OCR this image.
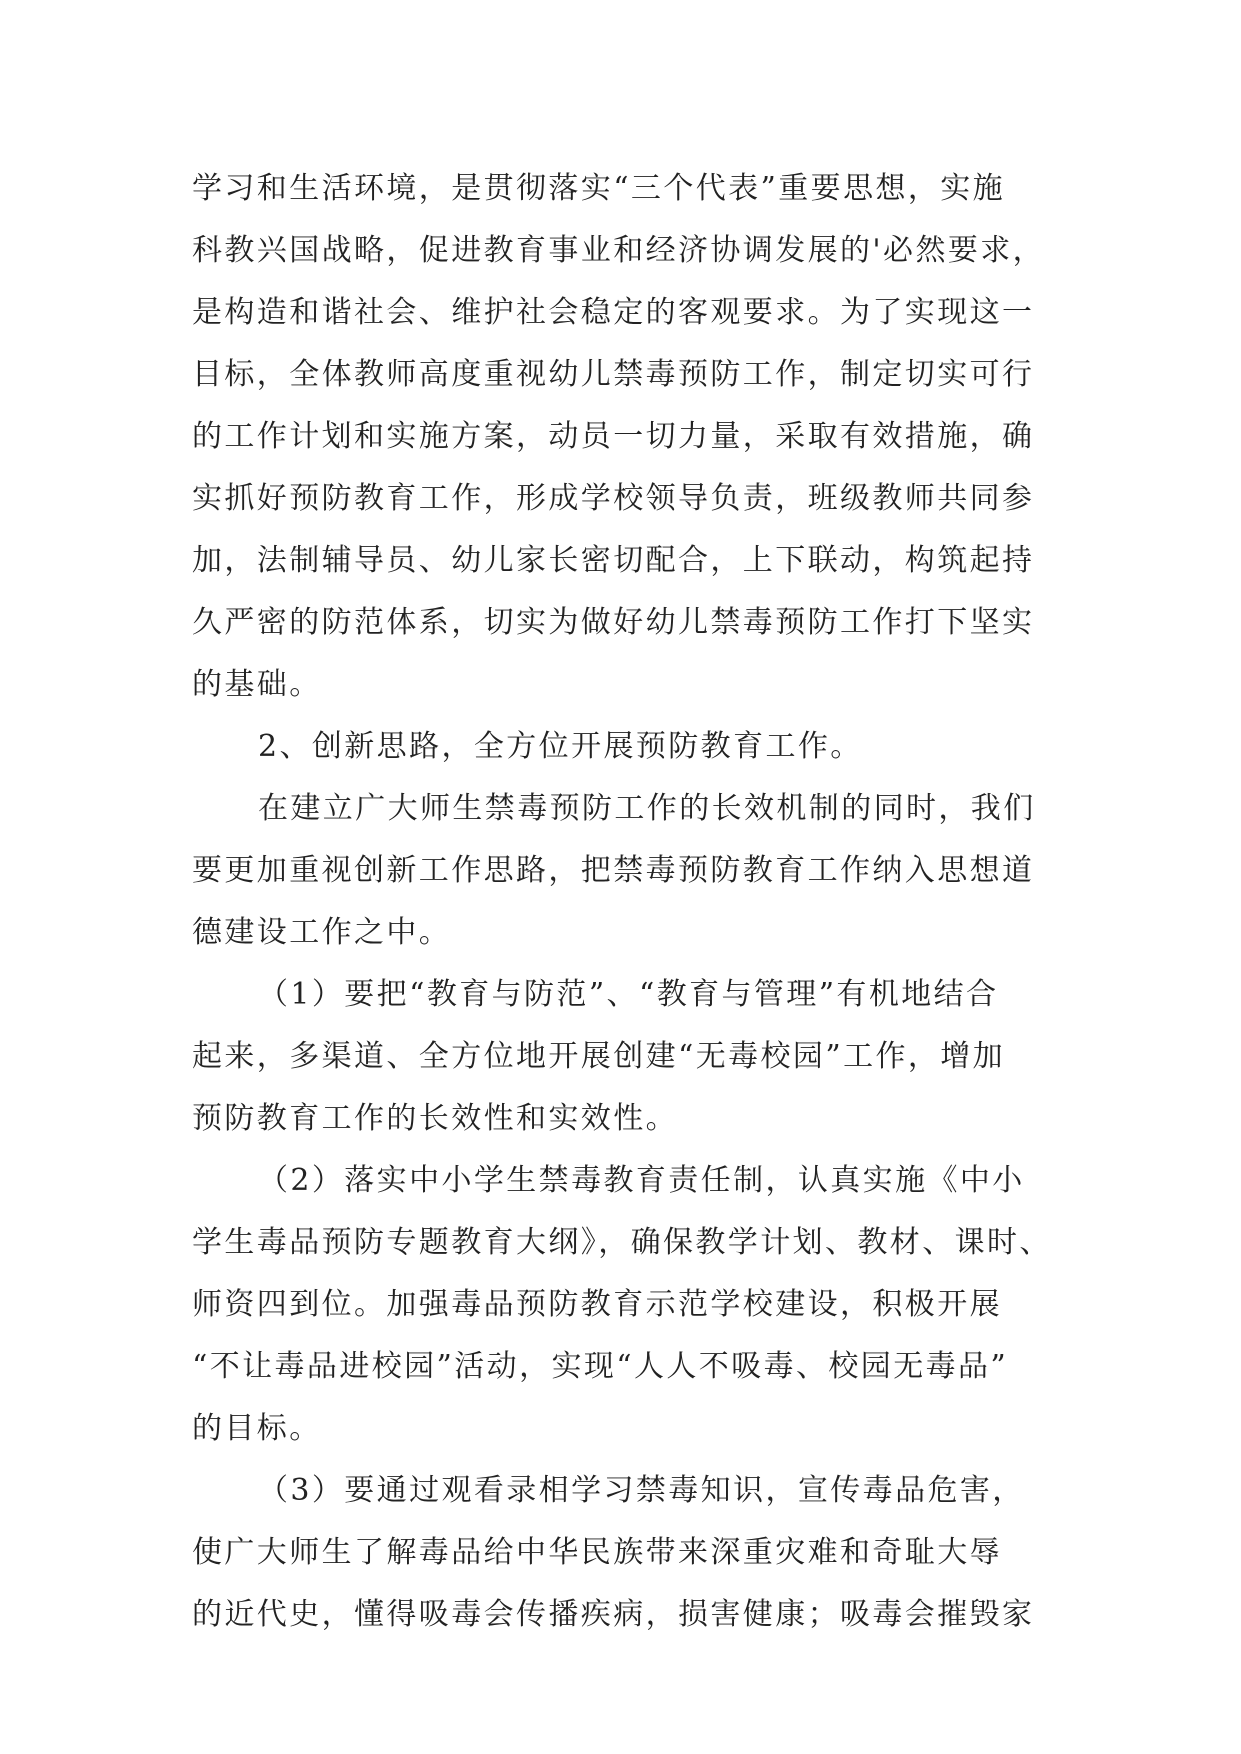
学习和生活环境，是贯彻落实“三个代表”重要思想，实施
科教兴国战略，促进教育事业和经济协调发展的'必然要求，
是构造和谐社会、维护社会稳定的客观要求。为了实现这一
目标，全体教师高度重视幼儿禁毒预防工作，制定切实可行
的工作计划和实施方案，动员一切力量，采取有效措施，确
实抓好预防教育工作，形成学校领导负责，班级教师共同参
加，法制辅导员、幼儿家长密切配合，上下联动，构筑起持
久严密的防范体系，切实为做好幼儿禁毒预防工作打下坚实
的基础。
2、创新思路，全方位开展预防教育工作。
在建立广大师生禁毒预防工作的长效机制的同时，我们
要更加重视创新工作思路，把禁毒预防教育工作纳入思想道
德建设工作之中。
（1）要把“教育与防范”、“教育与管理”有机地结合
起来，多渠道、全方位地开展创建“无毒校园”工作，增加
预防教育工作的长效性和实效性。
（2）落实中小学生禁毒教育责任制，认真实施《中小
学生毒品预防专题教育大纲》，确保教学计划、教材、课时、
师资四到位。加强毒品预防教育示范学校建设，积极开展
“不让毒品进校园”活动，实现“人人不吸毒、校园无毒品”
的目标。
（3）要通过观看录相学习禁毒知识，宣传毒品危害，
使广大师生了解毒品给中华民族带来深重灾难和奇耻大辱
的近代史，懂得吸毒会传播疾病，损害健康；吸毒会摧毁家
